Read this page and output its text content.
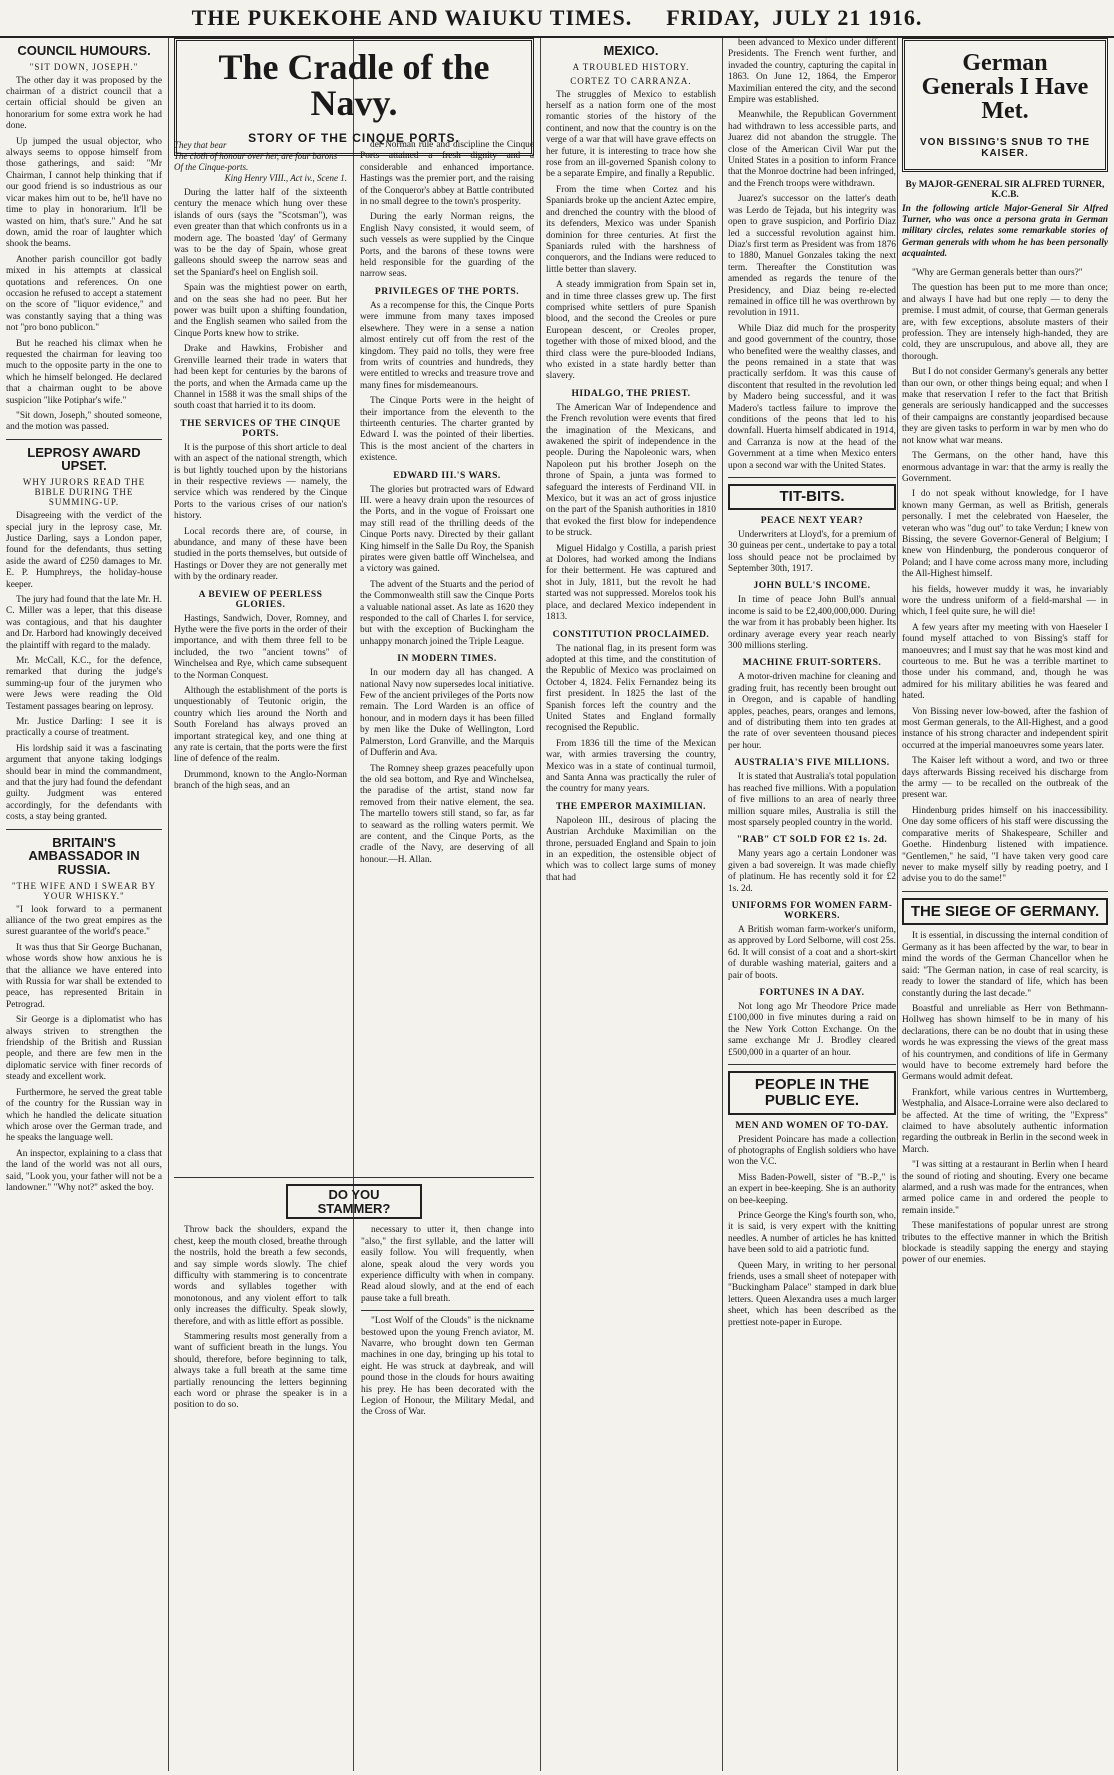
THE PUKEKOHE AND WAIUKU TIMES. FRIDAY, JULY 21 1916.
COUNCIL HUMOURS.
"SIT DOWN, JOSEPH."

The other day it was proposed by the chairman of a district council that a certain official should be given an honorarium for some extra work he had done.

Up jumped the usual objector, who always seems to oppose himself from those gatherings, and said: "Mr Chairman, I cannot help thinking that if our good friend is so industrious as our vicar makes him out to be, he'll have no time to play in honorarium. It'll be wasted on him, that's sure." And he sat down, amid the roar of laughter which shook the beams.

Another parish councillor got badly mixed in his attempts at classical quotations and references. On one occasion he refused to accept a statement on the score of "liquor evidence," and was constantly saying that a thing was not "pro bono publicon."

But he reached his climax when he requested the chairman for leaving too much to the opposite party in the one to which he himself belonged. He declared that a chairman ought to be above suspicion "like Potiphar's wife."

"Sit down, Joseph," shouted someone, and the motion was passed.

LEPROSY AWARD UPSET.
WHY JURORS READ THE BIBLE DURING THE SUMMING-UP.

Disagreeing with the verdict of the special jury in the leprosy case, Mr. Justice Darling, says a London paper, found for the defendants, thus setting aside the award of £250 damages to Mr. E. P. Humphreys, the holiday-house keeper.

The jury had found that the late Mr. H. C. Miller was a leper, that this disease was contagious, and that his daughter and Dr. Harbord had knowingly deceived the plaintiff with regard to the malady.

Mr. McCall, K.C., for the defence, remarked that during the judge's summing-up four of the jurymen who were Jews were reading the Old Testament passages bearing on leprosy.

Mr. Justice Darling: I see it is practically a course of treatment.

His lordship said it was a fascinating argument that anyone taking lodgings should bear in mind the commandment, and that the jury had found the defendant guilty. Judgment was entered accordingly, for the defendants with costs, a stay being granted.

BRITAIN'S AMBASSADOR IN RUSSIA.
"THE WIFE AND I SWEAR BY YOUR WHISKY."

"I look forward to a permanent alliance of the two great empires as the surest guarantee of the world's peace."

It was thus that Sir George Buchanan, whose words show how anxious he is that the alliance we have entered into with Russia for war shall be extended to peace, has represented Britain in Petrograd.

Sir George is a diplomatist who has always striven to strengthen the friendship of the British and Russian people, and there are few men in the diplomatic service with finer records of steady and excellent work.

Furthermore, he served the great table of the country for the Russian way in which he handled the delicate situation which arose over the German trade, and he speaks the language well.

An inspector, explaining to a class that the land of the world was not all ours, said, "Look you, your father will not be a landowner." "Why not?" asked the boy.

The Cradle of the Navy.
STORY OF THE CINQUE PORTS.
They that bear
The cloth of honour over her, are four barons
Of the Cinque-ports.
King Henry VIII., Act iv., Scene 1.

During the latter half of the sixteenth century the menace which hung over these islands of ours (says the "Scotsman"), was even greater than that which confronts us in a modern age. The boasted 'day' of Germany was to be the day of Spain, whose great galleons should sweep the narrow seas and set the Spaniard's heel on English soil.

Spain was the mightiest power on earth, and on the seas she had no peer. But her power was built upon a shifting foundation, and the English seamen who sailed from the Cinque Ports knew how to strike.

Drake and Hawkins, Frobisher and Grenville learned their trade in waters that had been kept for centuries by the barons of the ports, and when the Armada came up the Channel in 1588 it was the small ships of the south coast that harried it to its doom.

THE SERVICES OF THE CINQUE PORTS.

It is the purpose of this short article to deal with an aspect of the national strength, which is but lightly touched upon by the historians in their respective reviews — namely, the service which was rendered by the Cinque Ports to the various crises of our nation's history.

Local records there are, of course, in abundance, and many of these have been studied in the ports themselves, but outside of Hastings or Dover they are not generally met with by the ordinary reader.

A BEVIEW OF PEERLESS GLORIES.

Hastings, Sandwich, Dover, Romney, and Hythe were the five ports in the order of their importance, and with them three fell to be included, the two "ancient towns" of Winchelsea and Rye, which came subsequent to the Norman Conquest.

Although the establishment of the ports is unquestionably of Teutonic origin, the country which lies around the North and South Foreland has always proved an important strategical key, and one thing at any rate is certain, that the ports were the first line of defence of the realm.

Drummond, known to the Anglo-Norman branch of the high seas, and an

der Norman rule and discipline the Cinque Ports attained a fresh dignity and a considerable and enhanced importance. Hastings was the premier port, and the raising of the Conqueror's abbey at Battle contributed in no small degree to the town's prosperity.

During the early Norman reigns, the English Navy consisted, it would seem, of such vessels as were supplied by the Cinque Ports, and the barons of these towns were held responsible for the guarding of the narrow seas.

PRIVILEGES OF THE PORTS.

As a recompense for this, the Cinque Ports were immune from many taxes imposed elsewhere. They were in a sense a nation almost entirely cut off from the rest of the kingdom. They paid no tolls, they were free from writs of countries and hundreds, they were entitled to wrecks and treasure trove and many fines for misdemeanours.

The Cinque Ports were in the height of their importance from the eleventh to the thirteenth centuries. The charter granted by Edward I. was the pointed of their liberties. This is the most ancient of the charters in existence.

EDWARD III.'S WARS.

The glories but protracted wars of Edward III. were a heavy drain upon the resources of the Ports, and in the vogue of Froissart one may still read of the thrilling deeds of the Cinque Ports navy. Directed by their gallant King himself in the Salle Du Roy, the Spanish pirates were given battle off Winchelsea, and a victory was gained.

The advent of the Stuarts and the period of the Commonwealth still saw the Cinque Ports a valuable national asset. As late as 1620 they responded to the call of Charles I. for service, but with the exception of Buckingham the unhappy monarch joined the Triple League.

IN MODERN TIMES.

In our modern day all has changed. A national Navy now supersedes local initiative. Few of the ancient privileges of the Ports now remain. The Lord Warden is an office of honour, and in modern days it has been filled by men like the Duke of Wellington, Lord Palmerston, Lord Granville, and the Marquis of Dufferin and Ava.

The Romney sheep grazes peacefully upon the old sea bottom, and Rye and Winchelsea, the paradise of the artist, stand now far removed from their native element, the sea. The martello towers still stand, so far, as far to seaward as the rolling waters permit. We are content, and the Cinque Ports, as the cradle of the Navy, are deserving of all honour.—H. Allan.

DO YOU STAMMER?

Throw back the shoulders, expand the chest, keep the mouth closed, breathe through the nostrils, hold the breath a few seconds, and say simple words slowly. The chief difficulty with stammering is to concentrate words and syllables together with monotonous, and any violent effort to talk only increases the difficulty. Speak slowly, therefore, and with as little effort as possible.

Stammering results most generally from a want of sufficient breath in the lungs. You should, therefore, before beginning to talk, always take a full breath at the same time partially renouncing the letters beginning each word or phrase the speaker is in a position to do so.

necessary to utter it, then change into "also," the first syllable, and the latter will easily follow. You will frequently, when alone, speak aloud the very words you experience difficulty with when in company. Read aloud slowly, and at the end of each pause take a full breath.

"Lost Wolf of the Clouds" is the nickname bestowed upon the young French aviator, M. Navarre, who brought down ten German machines in one day, bringing up his total to eight. He was struck at daybreak, and will pound those in the clouds for hours awaiting his prey. He has been decorated with the Legion of Honour, the Military Medal, and the Cross of War.

MEXICO.
A TROUBLED HISTORY.
CORTEZ TO CARRANZA.

The struggles of Mexico to establish herself as a nation form one of the most romantic stories of the history of the continent, and now that the country is on the verge of a war that will have grave effects on her future, it is interesting to trace how she rose from an ill-governed Spanish colony to be a separate Empire, and finally a Republic.

From the time when Cortez and his Spaniards broke up the ancient Aztec empire, and drenched the country with the blood of its defenders, Mexico was under Spanish dominion for three centuries. At first the Spaniards ruled with the harshness of conquerors, and the Indians were reduced to little better than slavery.

A steady immigration from Spain set in, and in time three classes grew up. The first comprised white settlers of pure Spanish blood, and the second the Creoles or pure European descent, or Creoles proper, together with those of mixed blood, and the third class were the pure-blooded Indians, who existed in a state hardly better than slavery.

HIDALGO, THE PRIEST.

The American War of Independence and the French revolution were events that fired the imagination of the Mexicans, and awakened the spirit of independence in the people. During the Napoleonic wars, when Napoleon put his brother Joseph on the throne of Spain, a junta was formed to safeguard the interests of Ferdinand VII. in Mexico, but it was an act of gross injustice on the part of the Spanish authorities in 1810 that evoked the first blow for independence to be struck.

Miguel Hidalgo y Costilla, a parish priest at Dolores, had worked among the Indians for their betterment. He was captured and shot in July, 1811, but the revolt he had started was not suppressed. Morelos took his place, and declared Mexico independent in 1813.

CONSTITUTION PROCLAIMED.

The national flag, in its present form was adopted at this time, and the constitution of the Republic of Mexico was proclaimed on October 4, 1824. Felix Fernandez being its first president. In 1825 the last of the Spanish forces left the country and the United States and England formally recognised the Republic.

From 1836 till the time of the Mexican war, with armies traversing the country, Mexico was in a state of continual turmoil, and Santa Anna was practically the ruler of the country for many years.

THE EMPEROR MAXIMILIAN.

Napoleon III., desirous of placing the Austrian Archduke Maximilian on the throne, persuaded England and Spain to join in an expedition, the ostensible object of which was to collect large sums of money that had

been advanced to Mexico under different Presidents. The French went further, and invaded the country, capturing the capital in 1863. On June 12, 1864, the Emperor Maximilian entered the city, and the second Empire was established.

Meanwhile, the Republican Government had withdrawn to less accessible parts, and Juarez did not abandon the struggle. The close of the American Civil War put the United States in a position to inform France that the Monroe doctrine had been infringed, and the French troops were withdrawn.

Juarez's successor on the latter's death was Lerdo de Tejada, but his integrity was open to grave suspicion, and Porfirio Diaz led a successful revolution against him. Diaz's first term as President was from 1876 to 1880, Manuel Gonzales taking the next term. Thereafter the Constitution was amended as regards the tenure of the Presidency, and Diaz being re-elected remained in office till he was overthrown by revolution in 1911.

While Diaz did much for the prosperity and good government of the country, those who benefited were the wealthy classes, and the peons remained in a state that was practically serfdom. It was this cause of discontent that resulted in the revolution led by Madero being successful, and it was Madero's tactless failure to improve the conditions of the peons that led to his downfall. Huerta himself abdicated in 1914, and Carranza is now at the head of the Government at a time when Mexico enters upon a second war with the United States.

TIT-BITS.
PEACE NEXT YEAR?

Underwriters at Lloyd's, for a premium of 30 guineas per cent., undertake to pay a total loss should peace not be proclaimed by September 30th, 1917.

JOHN BULL'S INCOME.

In time of peace John Bull's annual income is said to be £2,400,000,000. During the war from it has probably been higher. Its ordinary average every year reach nearly 300 millions sterling.

MACHINE FRUIT-SORTERS.

A motor-driven machine for cleaning and grading fruit, has recently been brought out in Oregon, and is capable of handling apples, peaches, pears, oranges and lemons, and of distributing them into ten grades at the rate of over seventeen thousand pieces per hour.

AUSTRALIA'S FIVE MILLIONS.

It is stated that Australia's total population has reached five millions. With a population of five millions to an area of nearly three million square miles, Australia is still the most sparsely peopled country in the world.

"RAB" CT SOLD FOR £2 1s. 2d.

Many years ago a certain Londoner was given a bad sovereign. It was made chiefly of platinum. He has recently sold it for £2 1s. 2d.

UNIFORMS FOR WOMEN FARM-WORKERS.

A British woman farm-worker's uniform, as approved by Lord Selborne, will cost 25s. 6d. It will consist of a coat and a short-skirt of durable washing material, gaiters and a pair of boots.

FORTUNES IN A DAY.

Not long ago Mr Theodore Price made £100,000 in five minutes during a raid on the New York Cotton Exchange. On the same exchange Mr J. Brodley cleared £500,000 in a quarter of an hour.

PEOPLE IN THE PUBLIC EYE.
MEN AND WOMEN OF TO-DAY.

President Poincare has made a collection of photographs of English soldiers who have won the V.C.

Miss Baden-Powell, sister of "B.-P.," is an expert in bee-keeping. She is an authority on bee-keeping.

Prince George the King's fourth son, who, it is said, is very expert with the knitting needles. A number of articles he has knitted have been sold to aid a patriotic fund.

Queen Mary, in writing to her personal friends, uses a small sheet of notepaper with "Buckingham Palace" stamped in dark blue letters. Queen Alexandra uses a much larger sheet, which has been described as the prettiest note-paper in Europe.

German Generals I Have Met.
VON BISSING'S SNUB TO THE KAISER.
By MAJOR-GENERAL SIR ALFRED TURNER, K.C.B.

In the following article Major-General Sir Alfred Turner, who was once a persona grata in German military circles, relates some remarkable stories of German generals with whom he has been personally acquainted.

"Why are German generals better than ours?"

The question has been put to me more than once; and always I have had but one reply — to deny the premise. I must admit, of course, that German generals are, with few exceptions, absolute masters of their profession. They are intensely high-handed, they are cold, they are unscrupulous, and above all, they are thorough.

But I do not consider Germany's generals any better than our own, or other things being equal; and when I make that reservation I refer to the fact that British generals are seriously handicapped and the successes of their campaigns are constantly jeopardised because they are given tasks to perform in war by men who do not know what war means.

The Germans, on the other hand, have this enormous advantage in war: that the army is really the Government.

I do not speak without knowledge, for I have known many German, as well as British, generals personally. I met the celebrated von Haeseler, the veteran who was "dug out" to take Verdun; I knew von Bissing, the severe Governor-General of Belgium; I knew von Hindenburg, the ponderous conqueror of Poland; and I have come across many more, including the All-Highest himself.

his fields, however muddy it was, he invariably wore the undress uniform of a field-marshal — in which, I feel quite sure, he will die!

A few years after my meeting with von Haeseler I found myself attached to von Bissing's staff for manoeuvres; and I must say that he was most kind and courteous to me. But he was a terrible martinet to those under his command, and, though he was admired for his military abilities he was feared and hated.

Von Bissing never low-bowed, after the fashion of most German generals, to the All-Highest, and a good instance of his strong character and independent spirit occurred at the imperial manoeuvres some years later.

The Kaiser left without a word, and two or three days afterwards Bissing received his discharge from the army — to be recalled on the outbreak of the present war.

Hindenburg prides himself on his inaccessibility. One day some officers of his staff were discussing the comparative merits of Shakespeare, Schiller and Goethe. Hindenburg listened with impatience. "Gentlemen," he said, "I have taken very good care never to make myself silly by reading poetry, and I advise you to do the same!"

THE SIEGE OF GERMANY.

It is essential, in discussing the internal condition of Germany as it has been affected by the war, to bear in mind the words of the German Chancellor when he said: "The German nation, in case of real scarcity, is ready to lower the standard of life, which has been constantly during the last decade."

Boastful and unreliable as Herr von Bethmann-Hollweg has shown himself to be in many of his declarations, there can be no doubt that in using these words he was expressing the views of the great mass of his countrymen, and conditions of life in Germany would have to become extremely hard before the Germans would admit defeat.

Frankfort, while various centres in Wurttemberg, Westphalia, and Alsace-Lorraine were also declared to be affected. At the time of writing, the "Express" claimed to have absolutely authentic information regarding the outbreak in Berlin in the second week in March.

"I was sitting at a restaurant in Berlin when I heard the sound of rioting and shouting. Every one became alarmed, and a rush was made for the entrances, when armed police came in and ordered the people to remain inside."

These manifestations of popular unrest are strong tributes to the effective manner in which the British blockade is steadily sapping the energy and staying power of our enemies.
